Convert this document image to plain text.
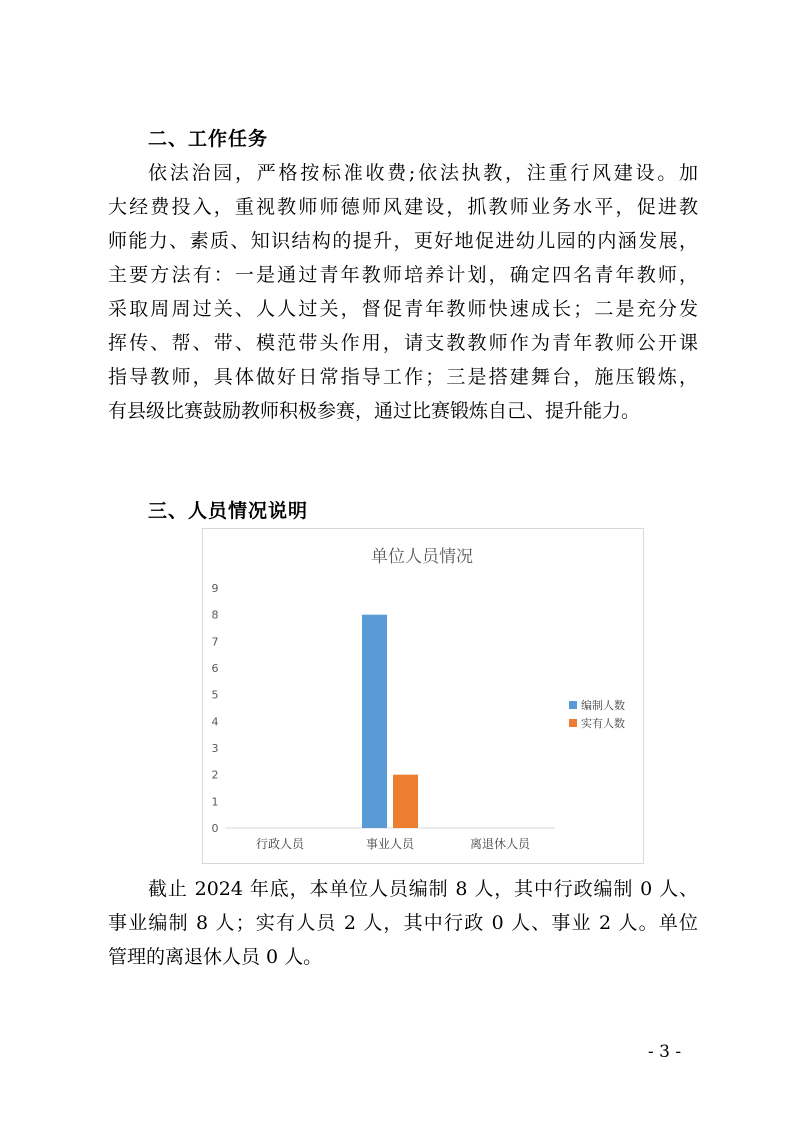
二、工作任务
依法治园，严格按标准收费;依法执教，注重行风建设。加
大经费投入，重视教师师德师风建设，抓教师业务水平，促进教
师能力、素质、知识结构的提升，更好地促进幼儿园的内涵发展，
主要方法有：一是通过青年教师培养计划，确定四名青年教师，
采取周周过关、人人过关，督促青年教师快速成长；二是充分发
挥传、帮、带、模范带头作用，请支教教师作为青年教师公开课
指导教师，具体做好日常指导工作；三是搭建舞台，施压锻炼，
有县级比赛鼓励教师积极参赛，通过比赛锻炼自己、提升能力。
三、人员情况说明
单位人员情况
0
1
2
3
4
5
6
7
8
9
行政人员	事业人员	离退休人员
编制人数
实有人数
截止 2024 年底，本单位人员编制 8 人，其中行政编制 0 人、
事业编制 8 人；实有人员 2 人，其中行政 0 人、事业 2 人。单位
管理的离退休人员 0 人。
- 3 -
